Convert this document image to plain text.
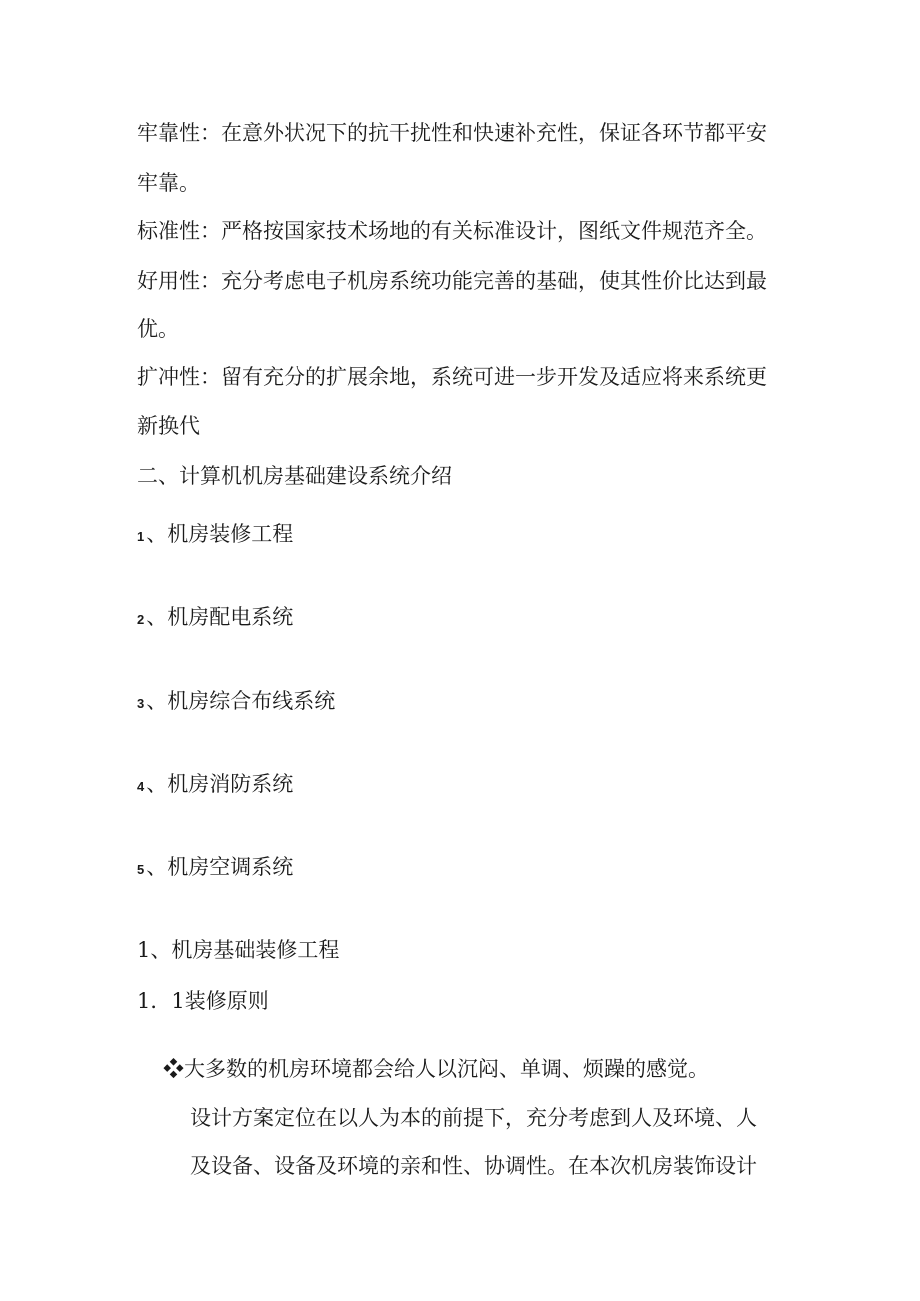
牢靠性：在意外状况下的抗干扰性和快速补充性，保证各环节都平安
牢靠。
标准性：严格按国家技术场地的有关标准设计，图纸文件规范齐全。
好用性：充分考虑电子机房系统功能完善的基础，使其性价比达到最
优。
扩冲性：留有充分的扩展余地，系统可进一步开发及适应将来系统更
新换代
二、计算机机房基础建设系统介绍
1、机房装修工程
2、机房配电系统
3、机房综合布线系统
4、机房消防系统
5、机房空调系统
1、机房基础装修工程
1．1装修原则
❖大多数的机房环境都会给人以沉闷、单调、烦躁的感觉。
设计方案定位在以人为本的前提下，充分考虑到人及环境、人
及设备、设备及环境的亲和性、协调性。在本次机房装饰设计
